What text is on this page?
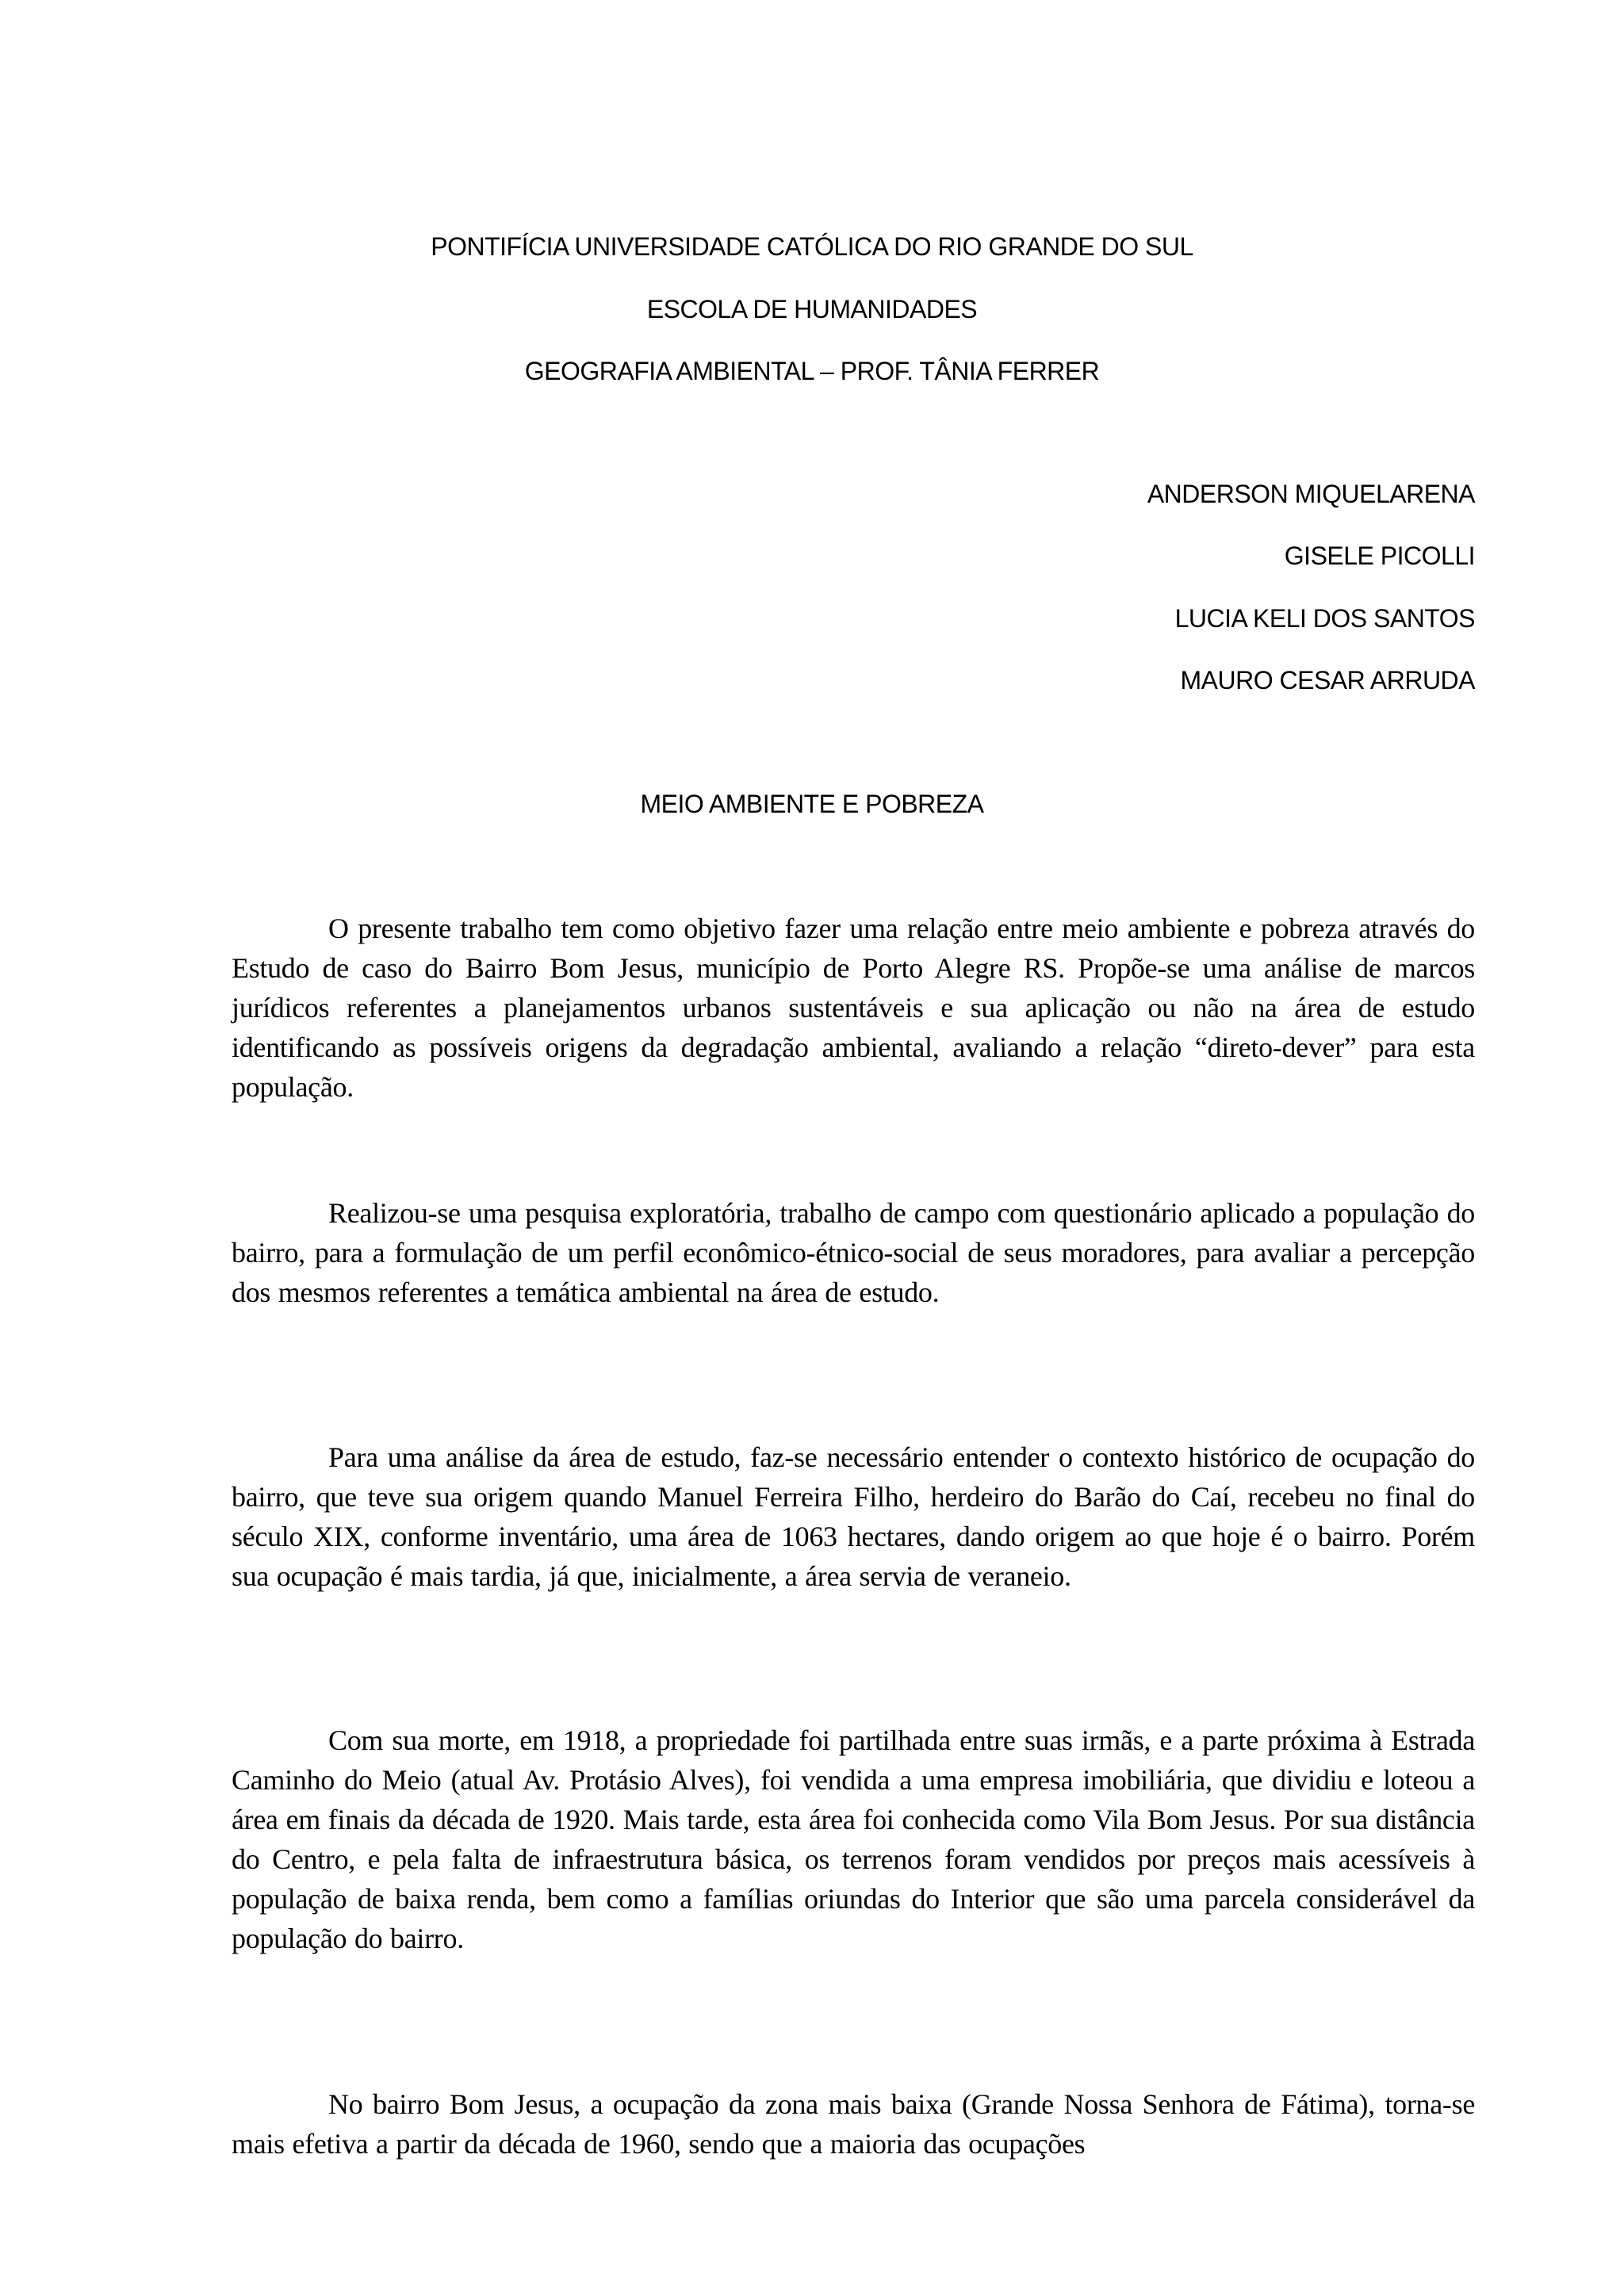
PONTIFÍCIA UNIVERSIDADE CATÓLICA DO RIO GRANDE DO SUL
ESCOLA DE HUMANIDADES
GEOGRAFIA AMBIENTAL – PROF. TÂNIA FERRER
ANDERSON MIQUELARENA
GISELE PICOLLI
LUCIA KELI DOS SANTOS
MAURO CESAR ARRUDA
MEIO AMBIENTE E POBREZA

O presente trabalho tem como objetivo fazer uma relação entre meio ambiente e pobreza através do Estudo de caso do Bairro Bom Jesus, município de Porto Alegre RS. Propõe-se uma análise de marcos jurídicos referentes a planejamentos urbanos sustentáveis e sua aplicação ou não na área de estudo identificando as possíveis origens da degradação ambiental, avaliando a relação “direto-dever” para esta população.

Realizou-se uma pesquisa exploratória, trabalho de campo com questionário aplicado a população do bairro, para a formulação de um perfil econômico-étnico-social de seus moradores, para avaliar a percepção dos mesmos referentes a temática ambiental na área de estudo.

Para uma análise da área de estudo, faz-se necessário entender o contexto histórico de ocupação do bairro, que teve sua origem quando Manuel Ferreira Filho, herdeiro do Barão do Caí, recebeu no final do século XIX, conforme inventário, uma área de 1063 hectares, dando origem ao que hoje é o bairro. Porém sua ocupação é mais tardia, já que, inicialmente, a área servia de veraneio.

Com sua morte, em 1918, a propriedade foi partilhada entre suas irmãs, e a parte próxima à Estrada Caminho do Meio (atual Av. Protásio Alves), foi vendida a uma empresa imobiliária, que dividiu e loteou a área em finais da década de 1920. Mais tarde, esta área foi conhecida como Vila Bom Jesus. Por sua distância do Centro, e pela falta de infraestrutura básica, os terrenos foram vendidos por preços mais acessíveis à população de baixa renda, bem como a famílias oriundas do Interior que são uma parcela considerável da população do bairro.

No bairro Bom Jesus, a ocupação da zona mais baixa (Grande Nossa Senhora de Fátima), torna-se mais efetiva a partir da década de 1960, sendo que a maioria das ocupações
